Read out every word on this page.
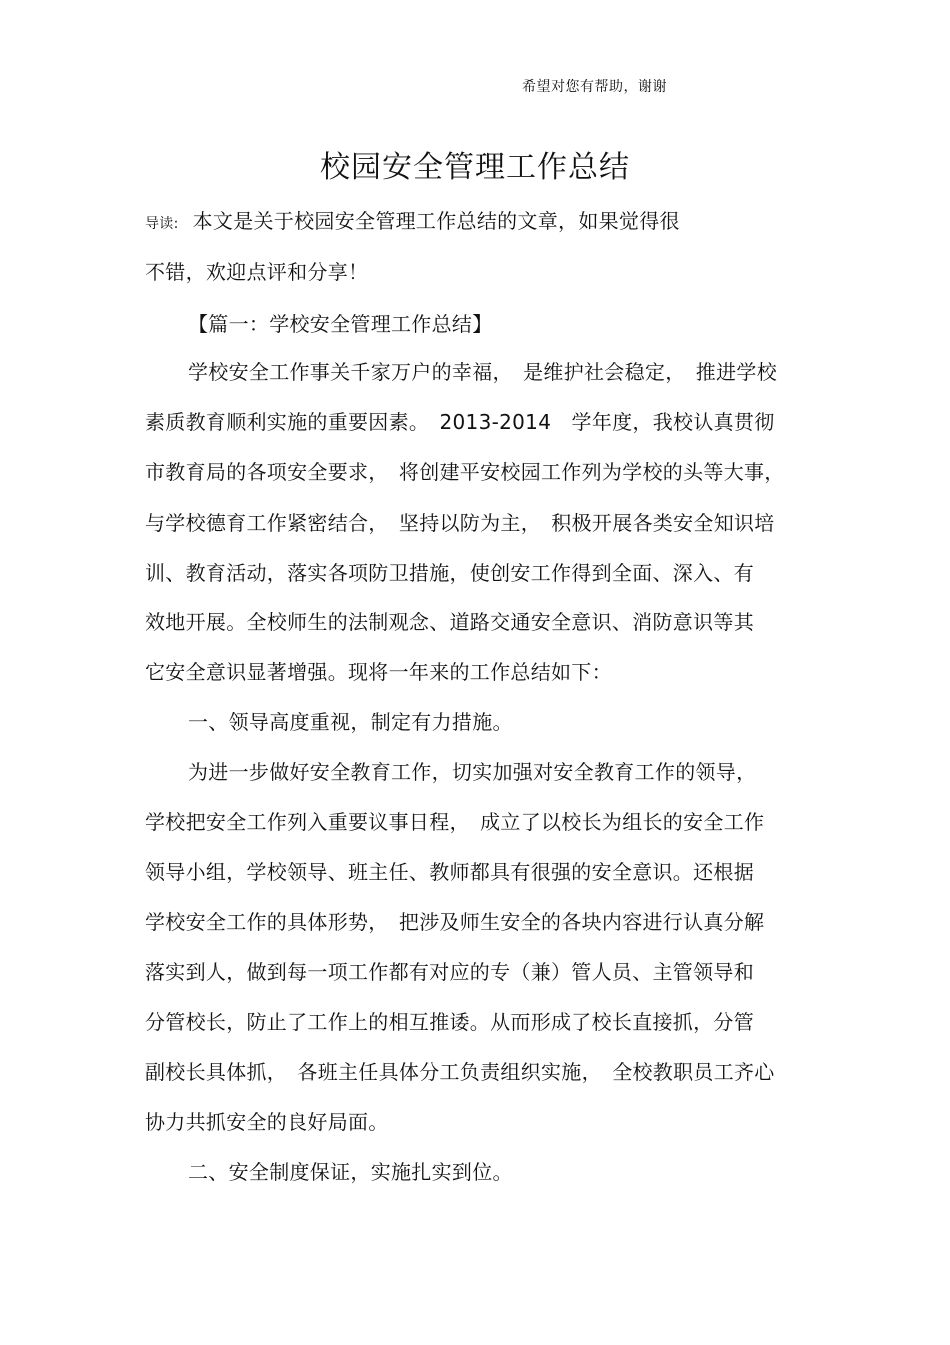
希望对您有帮助，谢谢
校园安全管理工作总结
导读: 本文是关于校园安全管理工作总结的文章，如果觉得很
不错，欢迎点评和分享！
【篇一：学校安全管理工作总结】
学校安全工作事关千家万户的幸福，　是维护社会稳定，　推进学校
素质教育顺利实施的重要因素。　2013-2014　学年度，我校认真贯彻
市教育局的各项安全要求，　将创建平安校园工作列为学校的头等大事，
与学校德育工作紧密结合，　坚持以防为主，　积极开展各类安全知识培
训、教育活动，落实各项防卫措施，使创安工作得到全面、深入、有
效地开展。全校师生的法制观念、道路交通安全意识、消防意识等其
它安全意识显著增强。现将一年来的工作总结如下：
一、领导高度重视，制定有力措施。
为进一步做好安全教育工作，切实加强对安全教育工作的领导，
学校把安全工作列入重要议事日程，　成立了以校长为组长的安全工作
领导小组，学校领导、班主任、教师都具有很强的安全意识。还根据
学校安全工作的具体形势，　把涉及师生安全的各块内容进行认真分解
落实到人，做到每一项工作都有对应的专（兼）管人员、主管领导和
分管校长，防止了工作上的相互推诿。从而形成了校长直接抓，分管
副校长具体抓，　各班主任具体分工负责组织实施，　全校教职员工齐心
协力共抓安全的良好局面。
二、安全制度保证，实施扎实到位。
